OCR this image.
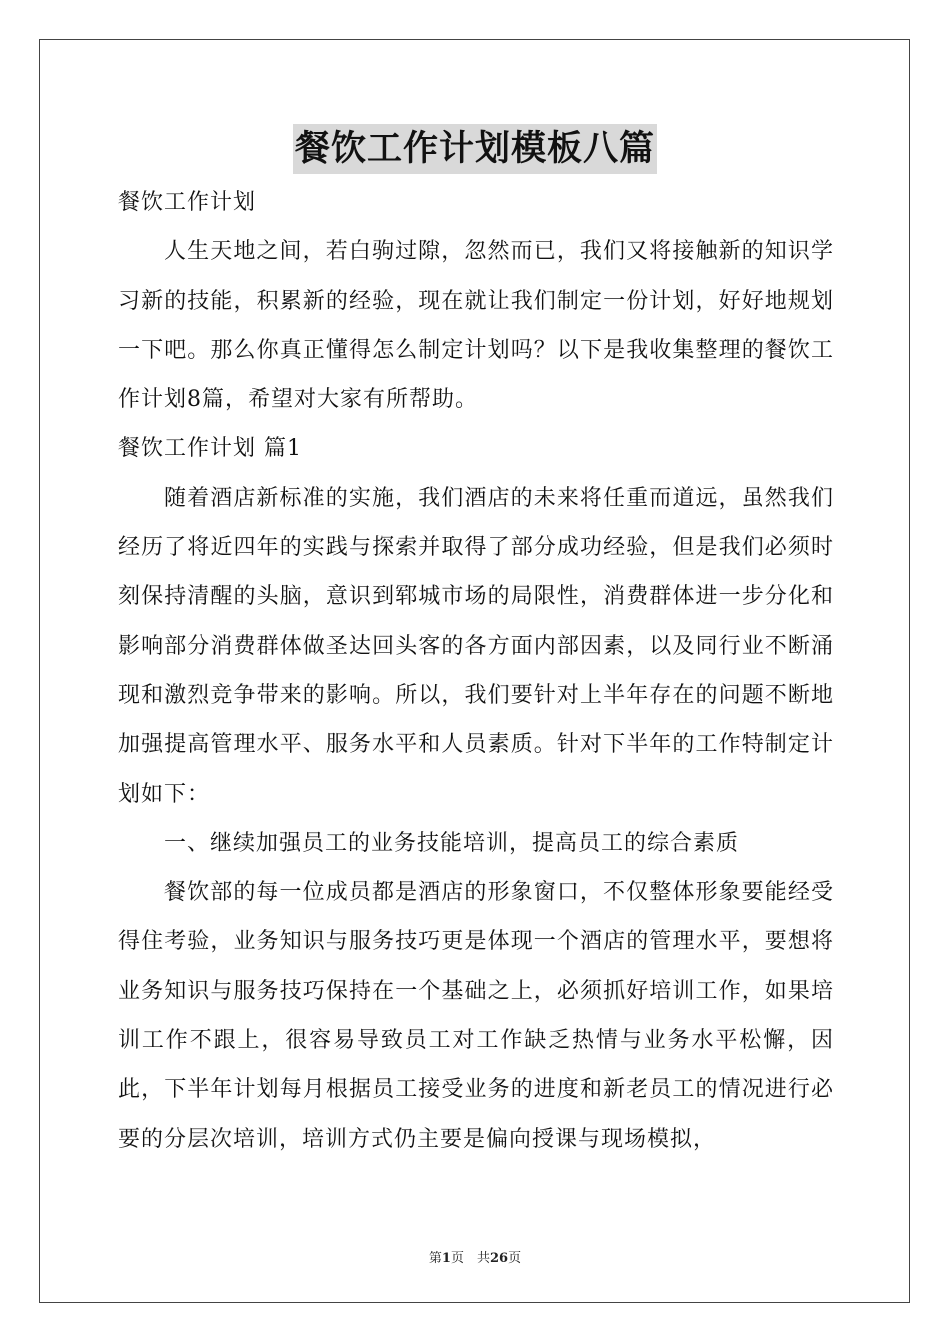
餐饮工作计划模板八篇

餐饮工作计划

人生天地之间，若白驹过隙，忽然而已，我们又将接触新的知识学习新的技能，积累新的经验，现在就让我们制定一份计划，好好地规划一下吧。那么你真正懂得怎么制定计划吗？以下是我收集整理的餐饮工作计划8篇，希望对大家有所帮助。

餐饮工作计划 篇1

随着酒店新标准的实施，我们酒店的未来将任重而道远，虽然我们经历了将近四年的实践与探索并取得了部分成功经验，但是我们必须时刻保持清醒的头脑，意识到郓城市场的局限性，消费群体进一步分化和影响部分消费群体做圣达回头客的各方面内部因素，以及同行业不断涌现和激烈竞争带来的影响。所以，我们要针对上半年存在的问题不断地加强提高管理水平、服务水平和人员素质。针对下半年的工作特制定计划如下：

一、继续加强员工的业务技能培训，提高员工的综合素质

餐饮部的每一位成员都是酒店的形象窗口，不仅整体形象要能经受得住考验，业务知识与服务技巧更是体现一个酒店的管理水平，要想将业务知识与服务技巧保持在一个基础之上，必须抓好培训工作，如果培训工作不跟上，很容易导致员工对工作缺乏热情与业务水平松懈，因此，下半年计划每月根据员工接受业务的进度和新老员工的情况进行必要的分层次培训，培训方式仍主要是偏向授课与现场模拟，

第1页　共26页
